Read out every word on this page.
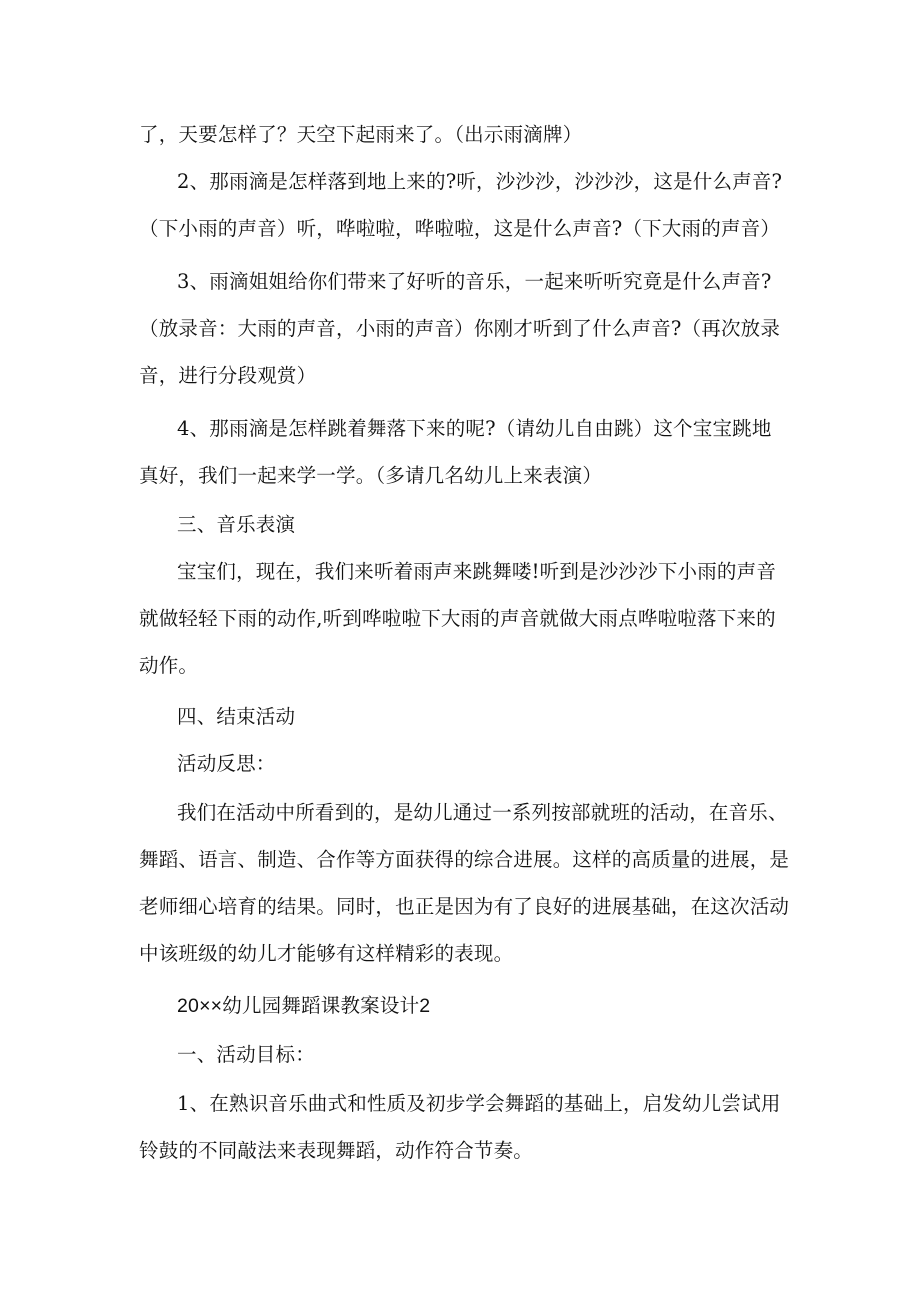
了，天要怎样了？天空下起雨来了。（出示雨滴牌）
2、那雨滴是怎样落到地上来的?听，沙沙沙，沙沙沙，这是什么声音?
（下小雨的声音）听，哗啦啦，哗啦啦，这是什么声音?（下大雨的声音）
3、雨滴姐姐给你们带来了好听的音乐，一起来听听究竟是什么声音?
（放录音：大雨的声音，小雨的声音）你刚才听到了什么声音?（再次放录
音，进行分段观赏）
4、那雨滴是怎样跳着舞落下来的呢?（请幼儿自由跳）这个宝宝跳地
真好，我们一起来学一学。（多请几名幼儿上来表演）
三、音乐表演
宝宝们，现在，我们来听着雨声来跳舞喽!听到是沙沙沙下小雨的声音
就做轻轻下雨的动作,听到哗啦啦下大雨的声音就做大雨点哗啦啦落下来的
动作。
四、结束活动
活动反思：
我们在活动中所看到的，是幼儿通过一系列按部就班的活动，在音乐、
舞蹈、语言、制造、合作等方面获得的综合进展。这样的高质量的进展，是
老师细心培育的结果。同时，也正是因为有了良好的进展基础，在这次活动
中该班级的幼儿才能够有这样精彩的表现。
20××幼儿园舞蹈课教案设计2
一、活动目标：
1、在熟识音乐曲式和性质及初步学会舞蹈的基础上，启发幼儿尝试用
铃鼓的不同敲法来表现舞蹈，动作符合节奏。
